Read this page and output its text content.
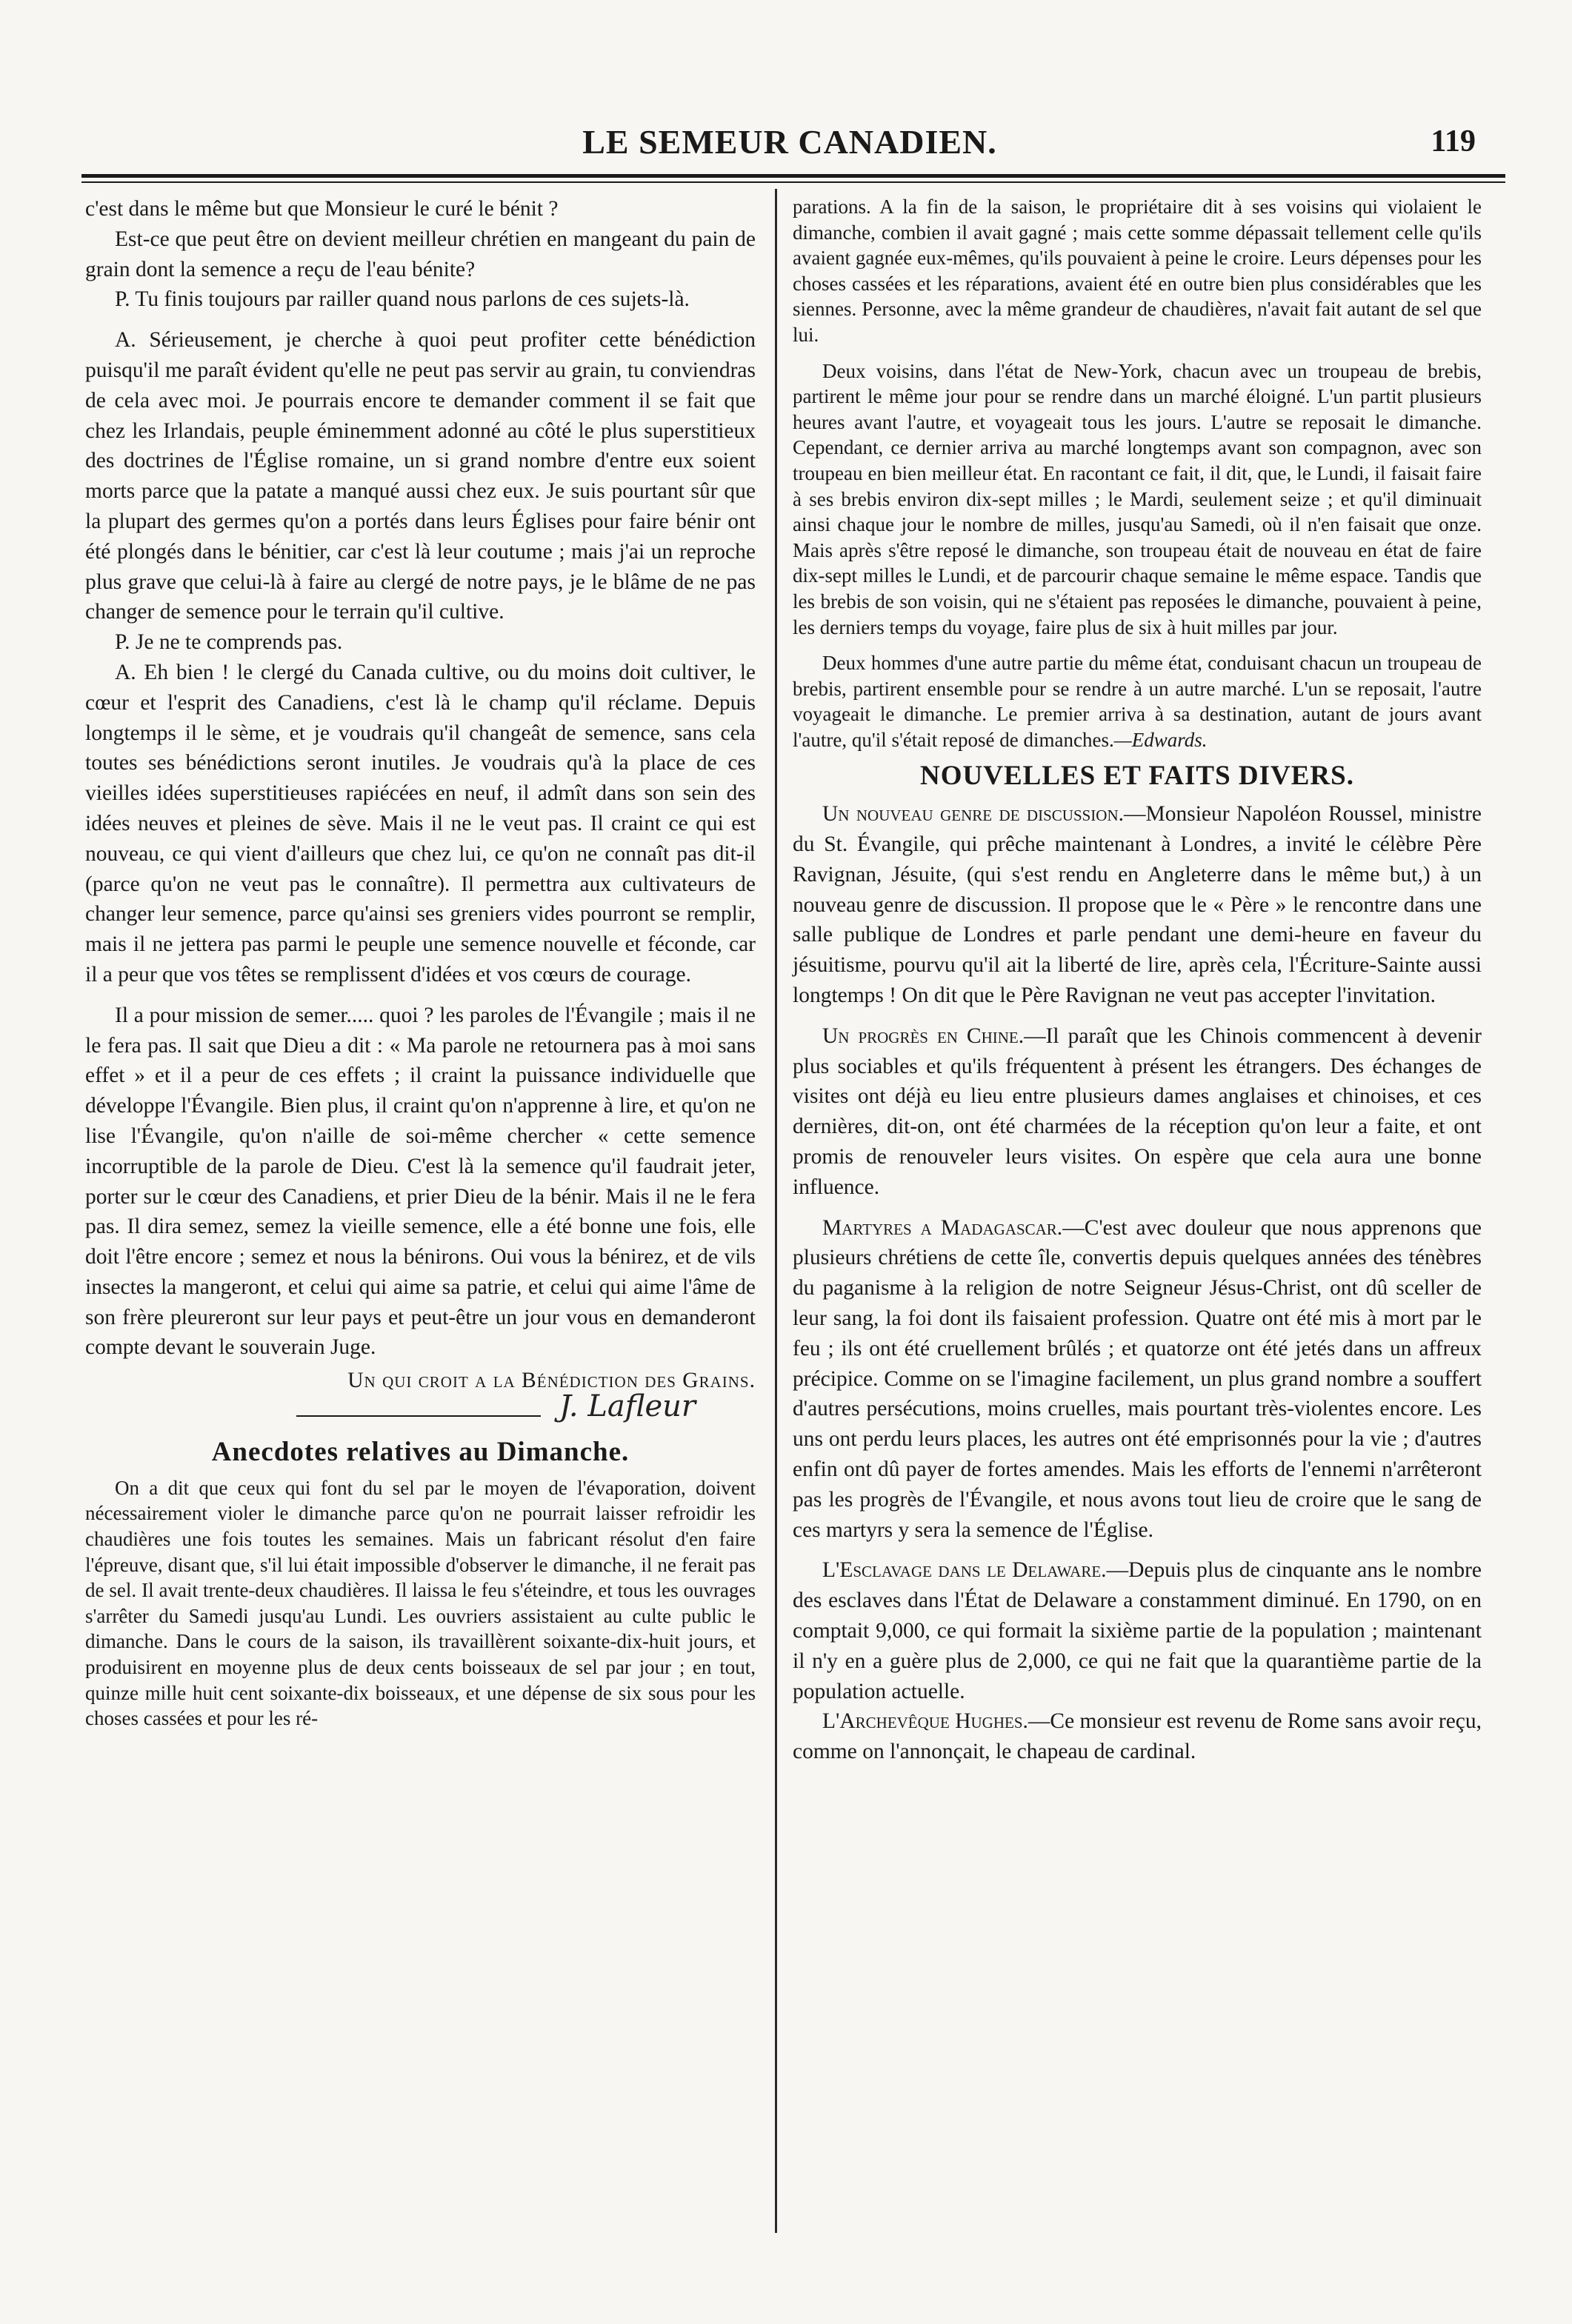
LE SEMEUR CANADIEN.	119

c'est dans le même but que Monsieur le curé le bénit ?

Est-ce que peut être on devient meilleur chrétien en mangeant du pain de grain dont la semence a reçu de l'eau bénite?

P. Tu finis toujours par railler quand nous parlons de ces sujets-là.

A. Sérieusement, je cherche à quoi peut profiter cette bénédiction puisqu'il me paraît évident qu'elle ne peut pas servir au grain, tu conviendras de cela avec moi. Je pourrais encore te demander comment il se fait que chez les Irlandais, peuple éminemment adonné au côté le plus superstitieux des doctrines de l'Église romaine, un si grand nombre d'entre eux soient morts parce que la patate a manqué aussi chez eux. Je suis pourtant sûr que la plupart des germes qu'on a portés dans leurs Églises pour faire bénir ont été plongés dans le bénitier, car c'est là leur coutume ; mais j'ai un reproche plus grave que celui-là à faire au clergé de notre pays, je le blâme de ne pas changer de semence pour le terrain qu'il cultive.

P. Je ne te comprends pas.

A. Eh bien ! le clergé du Canada cultive, ou du moins doit cultiver, le cœur et l'esprit des Canadiens, c'est là le champ qu'il réclame. Depuis longtemps il le sème, et je voudrais qu'il changeât de semence, sans cela toutes ses bénédictions seront inutiles. Je voudrais qu'à la place de ces vieilles idées superstitieuses rapiécées en neuf, il admît dans son sein des idées neuves et pleines de sève. Mais il ne le veut pas. Il craint ce qui est nouveau, ce qui vient d'ailleurs que chez lui, ce qu'on ne connaît pas dit-il (parce qu'on ne veut pas le connaître). Il permettra aux cultivateurs de changer leur semence, parce qu'ainsi ses greniers vides pourront se remplir, mais il ne jettera pas parmi le peuple une semence nouvelle et féconde, car il a peur que vos têtes se remplissent d'idées et vos cœurs de courage.

Il a pour mission de semer..... quoi ? les paroles de l'Évangile ; mais il ne le fera pas. Il sait que Dieu a dit : « Ma parole ne retournera pas à moi sans effet » et il a peur de ces effets ; il craint la puissance individuelle que développe l'Évangile. Bien plus, il craint qu'on n'apprenne à lire, et qu'on ne lise l'Évangile, qu'on n'aille de soi-même chercher « cette semence incorruptible de la parole de Dieu. C'est là la semence qu'il faudrait jeter, porter sur le cœur des Canadiens, et prier Dieu de la bénir. Mais il ne le fera pas. Il dira semez, semez la vieille semence, elle a été bonne une fois, elle doit l'être encore ; semez et nous la bénirons. Oui vous la bénirez, et de vils insectes la mangeront, et celui qui aime sa patrie, et celui qui aime l'âme de son frère pleureront sur leur pays et peut-être un jour vous en demanderont compte devant le souverain Juge.

Un qui croit a la Bénédiction des Grains.

J. Lafleur
Anecdotes relatives au Dimanche.

On a dit que ceux qui font du sel par le moyen de l'évaporation, doivent nécessairement violer le dimanche parce qu'on ne pourrait laisser refroidir les chaudières une fois toutes les semaines. Mais un fabricant résolut d'en faire l'épreuve, disant que, s'il lui était impossible d'observer le dimanche, il ne ferait pas de sel. Il avait trente-deux chaudières. Il laissa le feu s'éteindre, et tous les ouvrages s'arrêter du Samedi jusqu'au Lundi. Les ouvriers assistaient au culte public le dimanche. Dans le cours de la saison, ils travaillèrent soixante-dix-huit jours, et produisirent en moyenne plus de deux cents boisseaux de sel par jour ; en tout, quinze mille huit cent soixante-dix boisseaux, et une dépense de six sous pour les choses cassées et pour les ré-

parations. A la fin de la saison, le propriétaire dit à ses voisins qui violaient le dimanche, combien il avait gagné ; mais cette somme dépassait tellement celle qu'ils avaient gagnée eux-mêmes, qu'ils pouvaient à peine le croire. Leurs dépenses pour les choses cassées et les réparations, avaient été en outre bien plus considérables que les siennes. Personne, avec la même grandeur de chaudières, n'avait fait autant de sel que lui.

Deux voisins, dans l'état de New-York, chacun avec un troupeau de brebis, partirent le même jour pour se rendre dans un marché éloigné. L'un partit plusieurs heures avant l'autre, et voyageait tous les jours. L'autre se reposait le dimanche. Cependant, ce dernier arriva au marché longtemps avant son compagnon, avec son troupeau en bien meilleur état. En racontant ce fait, il dit, que, le Lundi, il faisait faire à ses brebis environ dix-sept milles ; le Mardi, seulement seize ; et qu'il diminuait ainsi chaque jour le nombre de milles, jusqu'au Samedi, où il n'en faisait que onze. Mais après s'être reposé le dimanche, son troupeau était de nouveau en état de faire dix-sept milles le Lundi, et de parcourir chaque semaine le même espace. Tandis que les brebis de son voisin, qui ne s'étaient pas reposées le dimanche, pouvaient à peine, les derniers temps du voyage, faire plus de six à huit milles par jour.

Deux hommes d'une autre partie du même état, conduisant chacun un troupeau de brebis, partirent ensemble pour se rendre à un autre marché. L'un se reposait, l'autre voyageait le dimanche. Le premier arriva à sa destination, autant de jours avant l'autre, qu'il s'était reposé de dimanches.—Edwards.

NOUVELLES ET FAITS DIVERS.

Un nouveau genre de discussion.—Monsieur Napoléon Roussel, ministre du St. Évangile, qui prêche maintenant à Londres, a invité le célèbre Père Ravignan, Jésuite, (qui s'est rendu en Angleterre dans le même but,) à un nouveau genre de discussion. Il propose que le « Père » le rencontre dans une salle publique de Londres et parle pendant une demi-heure en faveur du jésuitisme, pourvu qu'il ait la liberté de lire, après cela, l'Écriture-Sainte aussi longtemps ! On dit que le Père Ravignan ne veut pas accepter l'invitation.

Un progrès en Chine.—Il paraît que les Chinois commencent à devenir plus sociables et qu'ils fréquentent à présent les étrangers. Des échanges de visites ont déjà eu lieu entre plusieurs dames anglaises et chinoises, et ces dernières, dit-on, ont été charmées de la réception qu'on leur a faite, et ont promis de renouveler leurs visites. On espère que cela aura une bonne influence.

Martyres a Madagascar.—C'est avec douleur que nous apprenons que plusieurs chrétiens de cette île, convertis depuis quelques années des ténèbres du paganisme à la religion de notre Seigneur Jésus-Christ, ont dû sceller de leur sang, la foi dont ils faisaient profession. Quatre ont été mis à mort par le feu ; ils ont été cruellement brûlés ; et quatorze ont été jetés dans un affreux précipice. Comme on se l'imagine facilement, un plus grand nombre a souffert d'autres persécutions, moins cruelles, mais pourtant très-violentes encore. Les uns ont perdu leurs places, les autres ont été emprisonnés pour la vie ; d'autres enfin ont dû payer de fortes amendes. Mais les efforts de l'ennemi n'arrêteront pas les progrès de l'Évangile, et nous avons tout lieu de croire que le sang de ces martyrs y sera la semence de l'Église.

L'Esclavage dans le Delaware.—Depuis plus de cinquante ans le nombre des esclaves dans l'État de Delaware a constamment diminué. En 1790, on en comptait 9,000, ce qui formait la sixième partie de la population ; maintenant il n'y en a guère plus de 2,000, ce qui ne fait que la quarantième partie de la population actuelle.

L'Archevêque Hughes.—Ce monsieur est revenu de Rome sans avoir reçu, comme on l'annonçait, le chapeau de cardinal.
